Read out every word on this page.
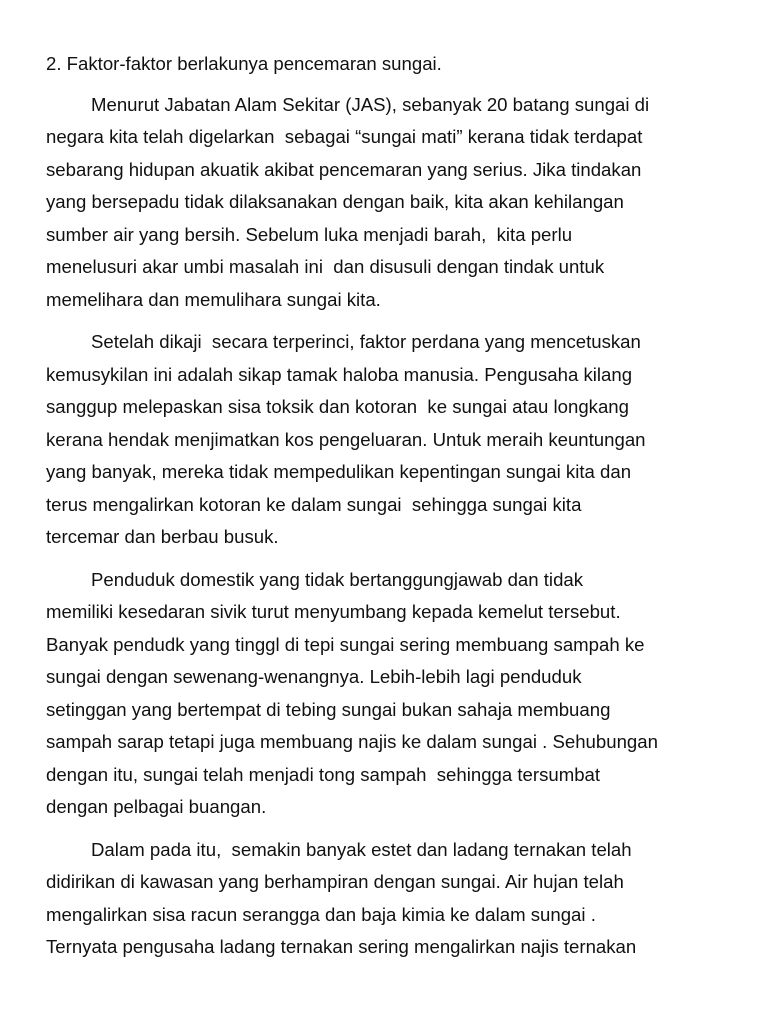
2. Faktor-faktor berlakunya pencemaran sungai.
Menurut Jabatan Alam Sekitar (JAS), sebanyak 20 batang sungai di
negara kita telah digelarkan  sebagai “sungai mati” kerana tidak terdapat
sebarang hidupan akuatik akibat pencemaran yang serius. Jika tindakan
yang bersepadu tidak dilaksanakan dengan baik, kita akan kehilangan
sumber air yang bersih. Sebelum luka menjadi barah,  kita perlu
menelusuri akar umbi masalah ini  dan disusuli dengan tindak untuk
memelihara dan memulihara sungai kita.
Setelah dikaji  secara terperinci, faktor perdana yang mencetuskan
kemusykilan ini adalah sikap tamak haloba manusia. Pengusaha kilang
sanggup melepaskan sisa toksik dan kotoran  ke sungai atau longkang
kerana hendak menjimatkan kos pengeluaran. Untuk meraih keuntungan
yang banyak, mereka tidak mempedulikan kepentingan sungai kita dan
terus mengalirkan kotoran ke dalam sungai  sehingga sungai kita
tercemar dan berbau busuk.
Penduduk domestik yang tidak bertanggungjawab dan tidak
memiliki kesedaran sivik turut menyumbang kepada kemelut tersebut.
Banyak pendudk yang tinggl di tepi sungai sering membuang sampah ke
sungai dengan sewenang-wenangnya. Lebih-lebih lagi penduduk
setinggan yang bertempat di tebing sungai bukan sahaja membuang
sampah sarap tetapi juga membuang najis ke dalam sungai . Sehubungan
dengan itu, sungai telah menjadi tong sampah  sehingga tersumbat
dengan pelbagai buangan.
Dalam pada itu,  semakin banyak estet dan ladang ternakan telah
didirikan di kawasan yang berhampiran dengan sungai. Air hujan telah
mengalirkan sisa racun serangga dan baja kimia ke dalam sungai .
Ternyata pengusaha ladang ternakan sering mengalirkan najis ternakan
